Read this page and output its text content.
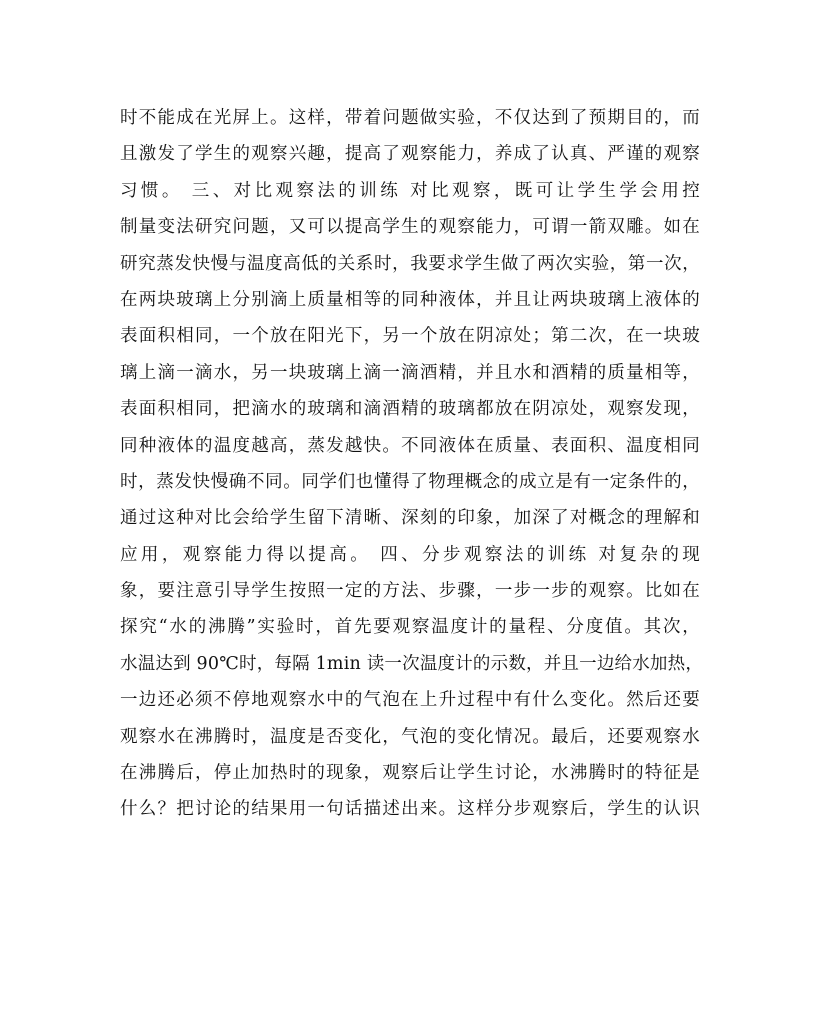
时不能成在光屏上。这样，带着问题做实验，不仅达到了预期目的，而
且激发了学生的观察兴趣，提高了观察能力，养成了认真、严谨的观察
习惯。 三、对比观察法的训练 对比观察，既可让学生学会用控
制量变法研究问题，又可以提高学生的观察能力，可谓一箭双雕。如在
研究蒸发快慢与温度高低的关系时，我要求学生做了两次实验，第一次，
在两块玻璃上分别滴上质量相等的同种液体，并且让两块玻璃上液体的
表面积相同，一个放在阳光下，另一个放在阴凉处；第二次，在一块玻
璃上滴一滴水，另一块玻璃上滴一滴酒精，并且水和酒精的质量相等，
表面积相同，把滴水的玻璃和滴酒精的玻璃都放在阴凉处，观察发现，
同种液体的温度越高，蒸发越快。不同液体在质量、表面积、温度相同
时，蒸发快慢确不同。同学们也懂得了物理概念的成立是有一定条件的，
通过这种对比会给学生留下清晰、深刻的印象，加深了对概念的理解和
应用，观察能力得以提高。 四、分步观察法的训练 对复杂的现
象，要注意引导学生按照一定的方法、步骤，一步一步的观察。比如在
探究“水的沸腾”实验时，首先要观察温度计的量程、分度值。其次，
水温达到 90℃时，每隔 1min 读一次温度计的示数，并且一边给水加热，
一边还必须不停地观察水中的气泡在上升过程中有什么变化。然后还要
观察水在沸腾时，温度是否变化，气泡的变化情况。最后，还要观察水
在沸腾后，停止加热时的现象，观察后让学生讨论，水沸腾时的特征是
什么？把讨论的结果用一句话描述出来。这样分步观察后，学生的认识
